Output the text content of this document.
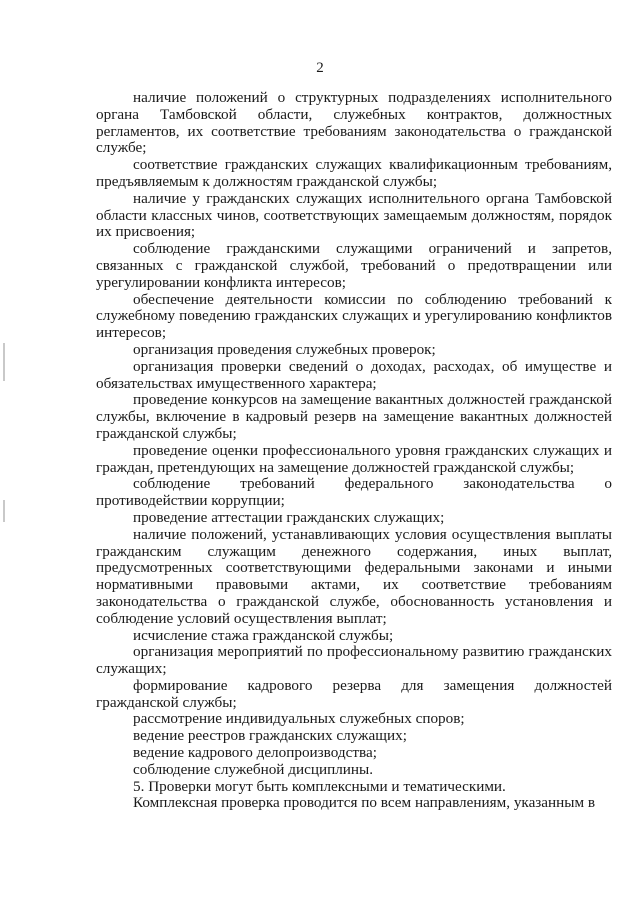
2

наличие положений о структурных подразделениях исполнительного органа Тамбовской области, служебных контрактов, должностных регламентов, их соответствие требованиям законодательства о гражданской службе;

соответствие гражданских служащих квалификационным требованиям, предъявляемым к должностям гражданской службы;

наличие у гражданских служащих исполнительного органа Тамбовской области классных чинов, соответствующих замещаемым должностям, порядок их присвоения;

соблюдение гражданскими служащими ограничений и запретов, связанных с гражданской службой, требований о предотвращении или урегулировании конфликта интересов;

обеспечение деятельности комиссии по соблюдению требований к служебному поведению гражданских служащих и урегулированию конфликтов интересов;

организация проведения служебных проверок;

организация проверки сведений о доходах, расходах, об имуществе и обязательствах имущественного характера;

проведение конкурсов на замещение вакантных должностей гражданской службы, включение в кадровый резерв на замещение вакантных должностей гражданской службы;

проведение оценки профессионального уровня гражданских служащих и граждан, претендующих на замещение должностей гражданской службы;

соблюдение требований федерального законодательства о противодействии коррупции;

проведение аттестации гражданских служащих;

наличие положений, устанавливающих условия осуществления выплаты гражданским служащим денежного содержания, иных выплат, предусмотренных соответствующими федеральными законами и иными нормативными правовыми актами, их соответствие требованиям законодательства о гражданской службе, обоснованность установления и соблюдение условий осуществления выплат;

исчисление стажа гражданской службы;

организация мероприятий по профессиональному развитию гражданских служащих;

формирование кадрового резерва для замещения должностей гражданской службы;

рассмотрение индивидуальных служебных споров;

ведение реестров гражданских служащих;

ведение кадрового делопроизводства;

соблюдение служебной дисциплины.

5. Проверки могут быть комплексными и тематическими.

Комплексная проверка проводится по всем направлениям, указанным в
